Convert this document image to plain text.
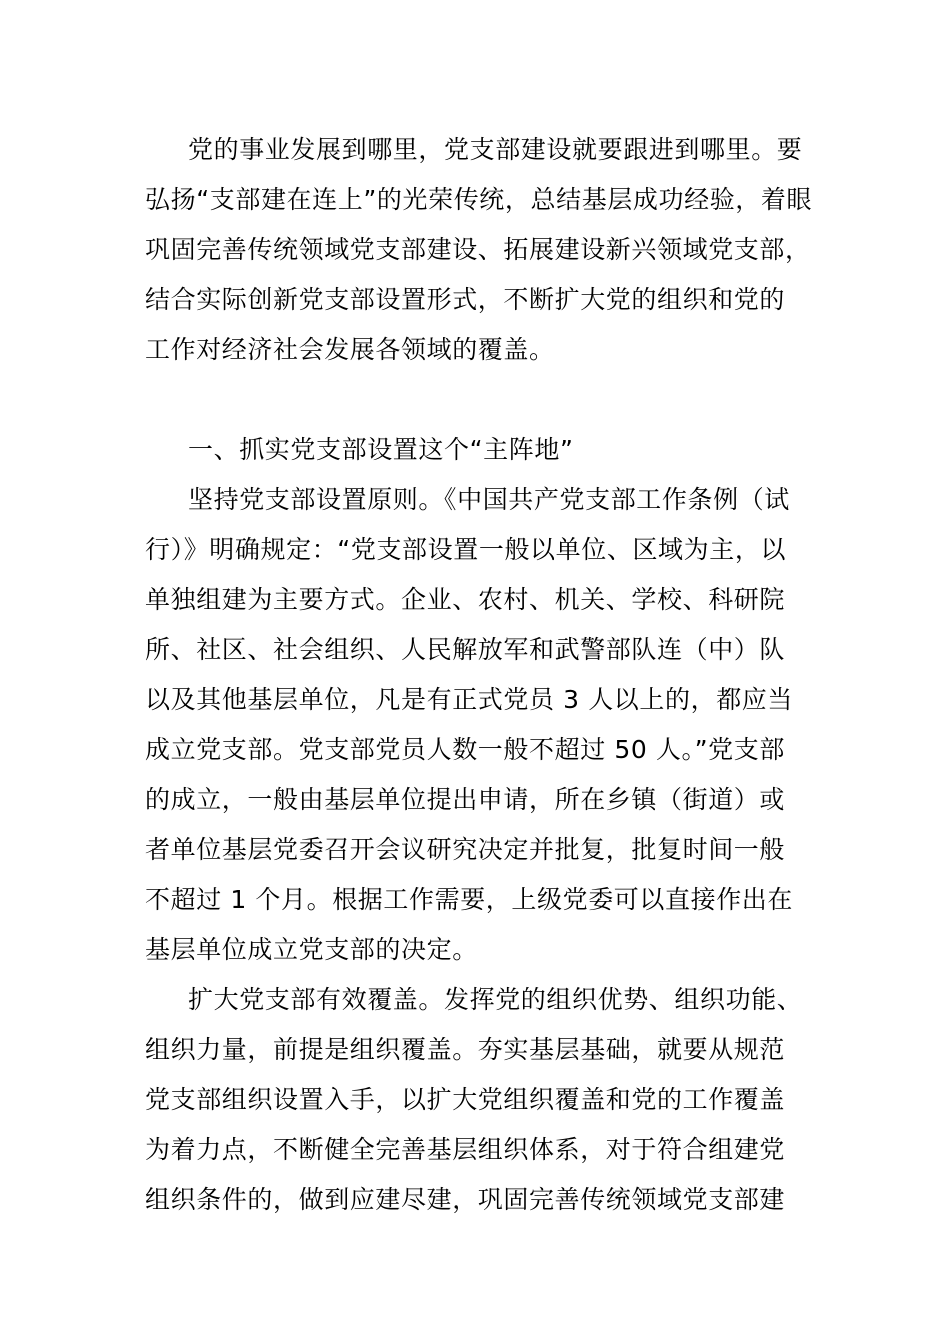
党的事业发展到哪里，党支部建设就要跟进到哪里。要
弘扬“支部建在连上”的光荣传统，总结基层成功经验，着眼
巩固完善传统领域党支部建设、拓展建设新兴领域党支部，
结合实际创新党支部设置形式，不断扩大党的组织和党的
工作对经济社会发展各领域的覆盖。
一、抓实党支部设置这个“主阵地”
坚持党支部设置原则。《中国共产党支部工作条例（试
行）》明确规定：“党支部设置一般以单位、区域为主，以
单独组建为主要方式。企业、农村、机关、学校、科研院
所、社区、社会组织、人民解放军和武警部队连（中）队
以及其他基层单位，凡是有正式党员 3 人以上的，都应当
成立党支部。党支部党员人数一般不超过 50 人。”党支部
的成立，一般由基层单位提出申请，所在乡镇（街道）或
者单位基层党委召开会议研究决定并批复，批复时间一般
不超过 1 个月。根据工作需要，上级党委可以直接作出在
基层单位成立党支部的决定。
扩大党支部有效覆盖。发挥党的组织优势、组织功能、
组织力量，前提是组织覆盖。夯实基层基础，就要从规范
党支部组织设置入手，以扩大党组织覆盖和党的工作覆盖
为着力点，不断健全完善基层组织体系，对于符合组建党
组织条件的，做到应建尽建，巩固完善传统领域党支部建
